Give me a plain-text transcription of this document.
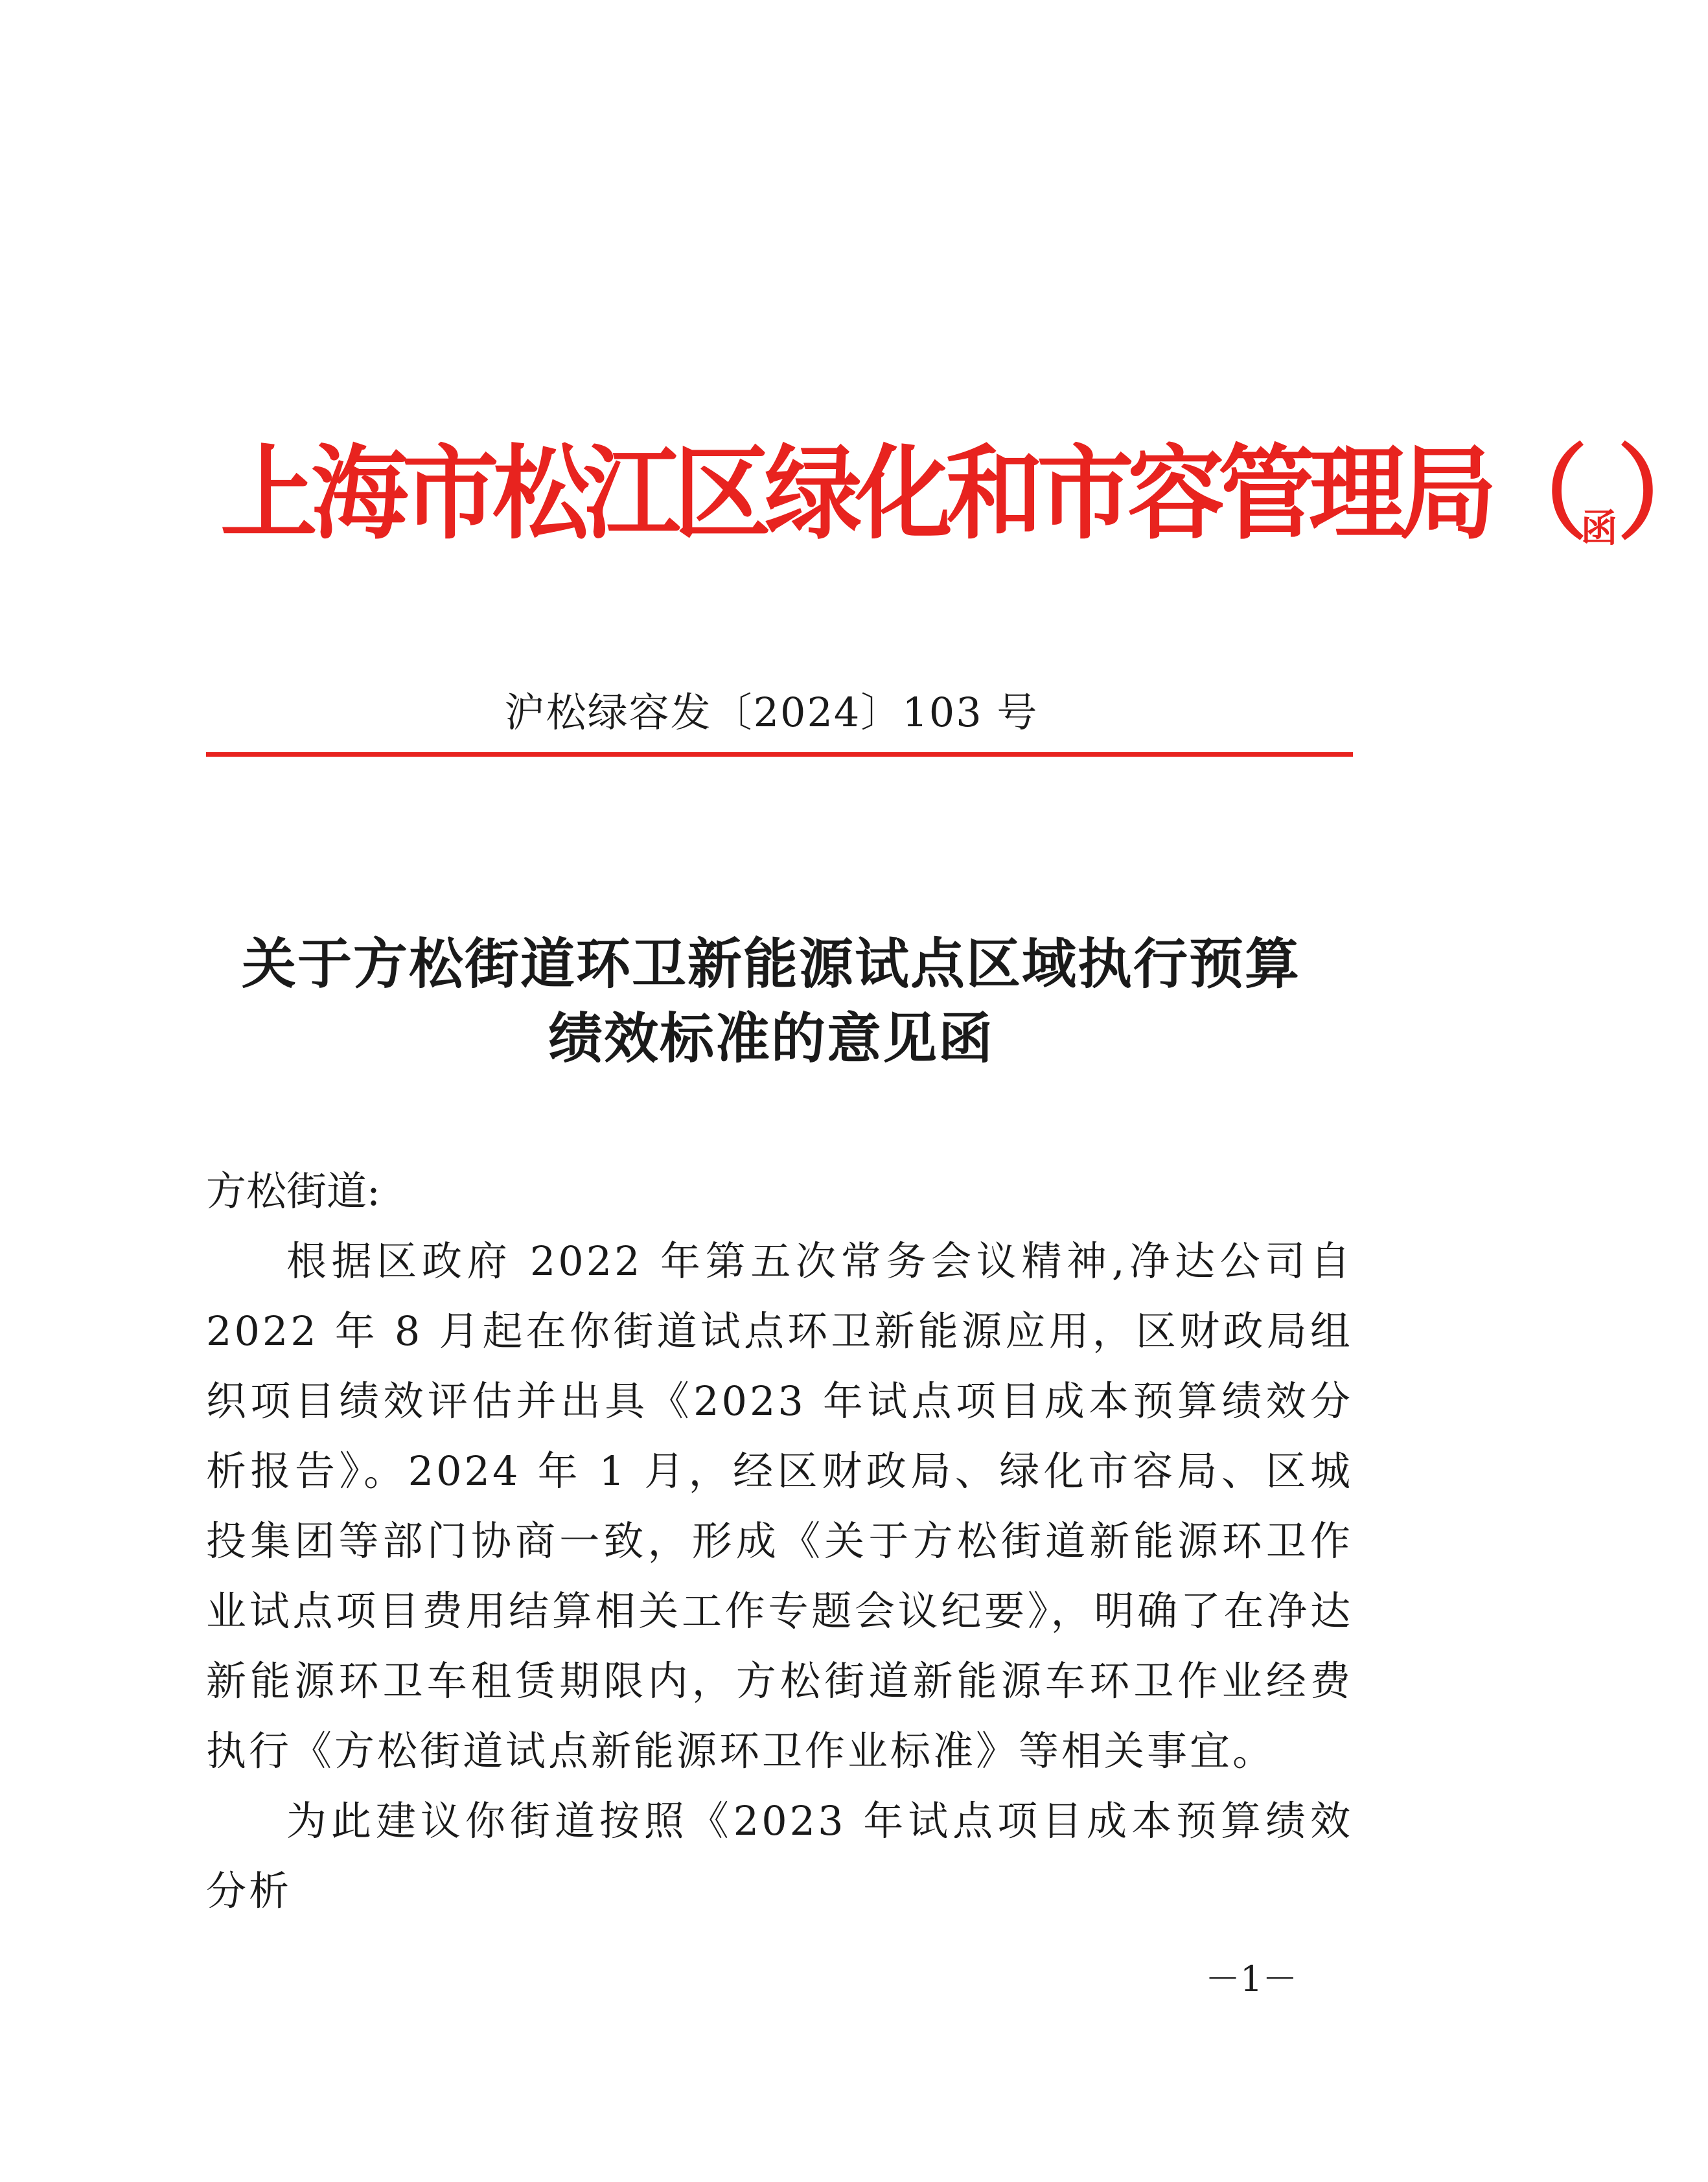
上海市松江区绿化和市容管理局（函）
沪松绿容发〔2024〕103 号
关于方松街道环卫新能源试点区域执行预算
绩效标准的意见函

方松街道:

根据区政府 2022 年第五次常务会议精神,净达公司自 2022 年 8 月起在你街道试点环卫新能源应用，区财政局组织项目绩效评估并出具《2023 年试点项目成本预算绩效分析报告》。2024 年 1 月，经区财政局、绿化市容局、区城投集团等部门协商一致，形成《关于方松街道新能源环卫作业试点项目费用结算相关工作专题会议纪要》，明确了在净达新能源环卫车租赁期限内，方松街道新能源车环卫作业经费执行《方松街道试点新能源环卫作业标准》等相关事宜。

为此建议你街道按照《2023 年试点项目成本预算绩效分析

－1－
